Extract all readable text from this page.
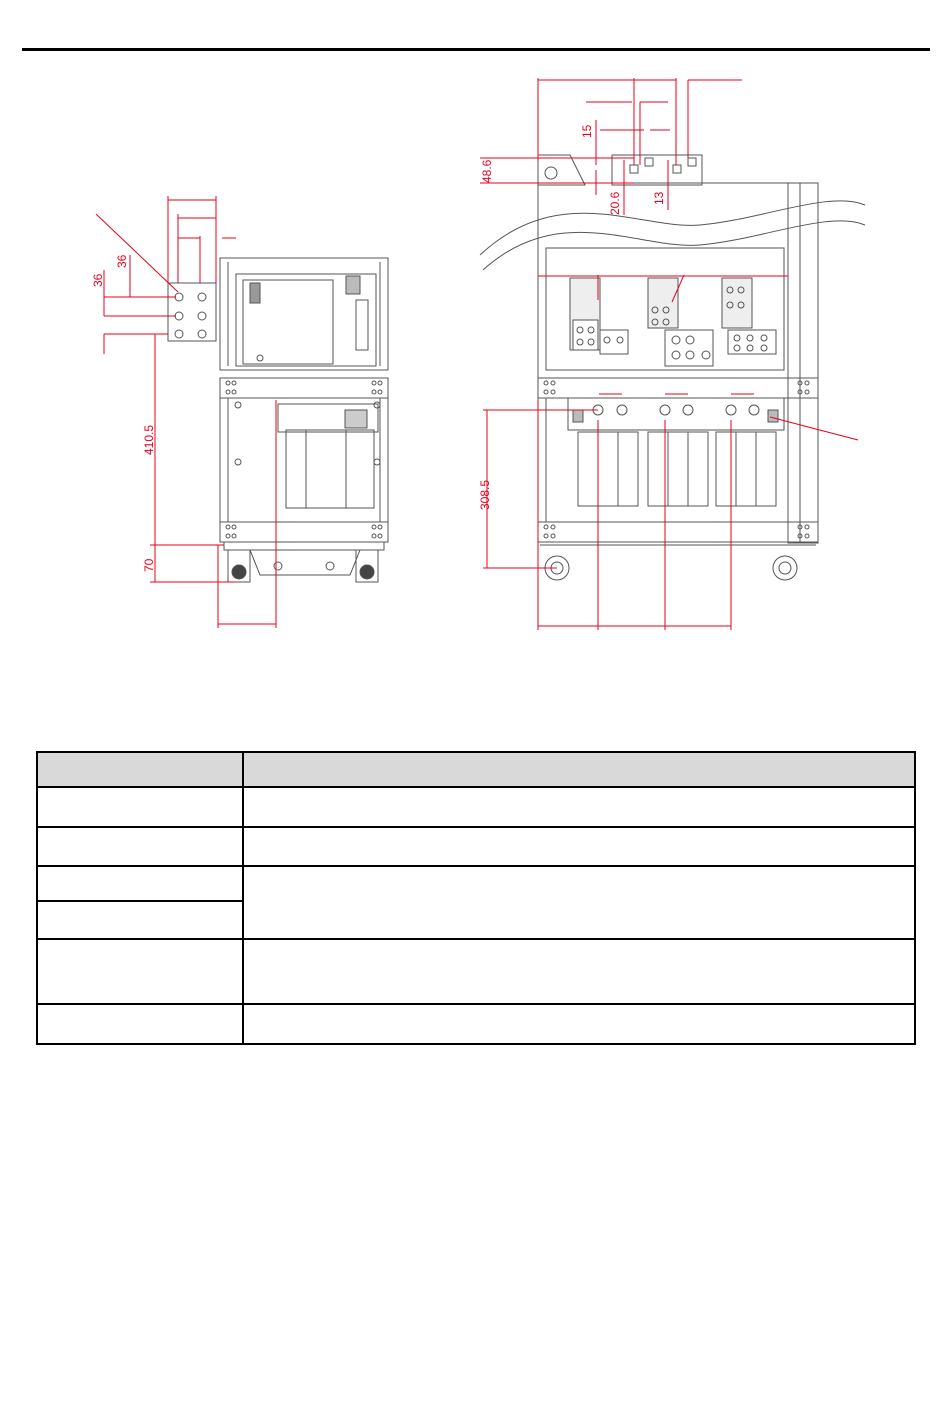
36
36
410.5
70
48.6
15
20.6	13
308.5
